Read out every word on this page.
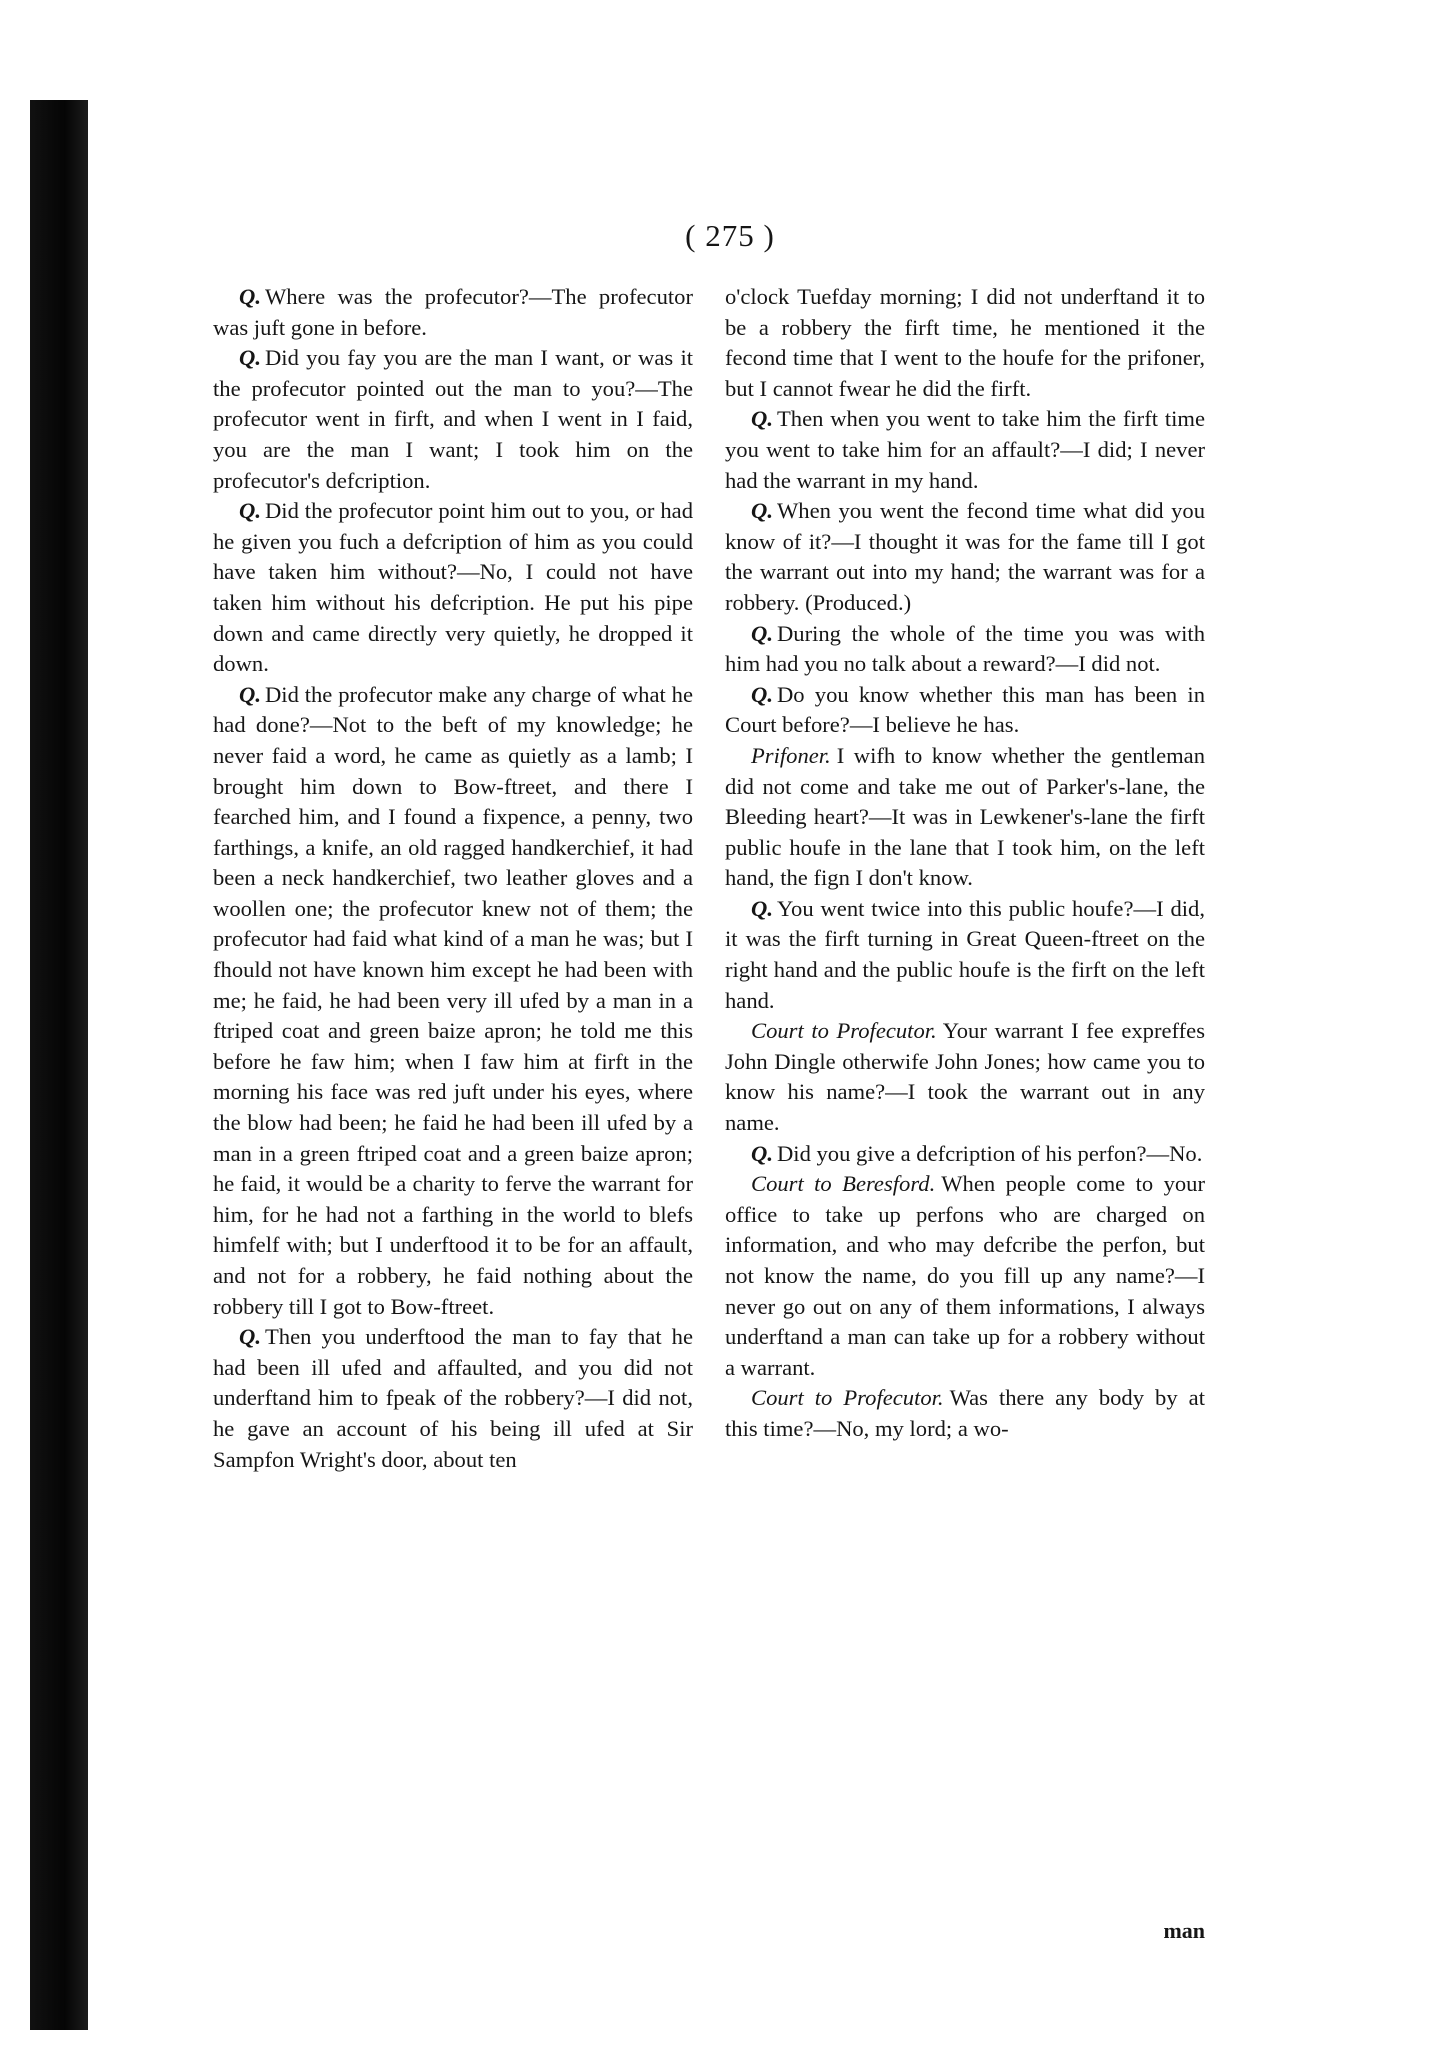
( 275 )

Q. Where was the profecutor?—The profecutor was juft gone in before.

Q. Did you fay you are the man I want, or was it the profecutor pointed out the man to you?—The profecutor went in firft, and when I went in I faid, you are the man I want; I took him on the profecutor's defcription.

Q. Did the profecutor point him out to you, or had he given you fuch a defcription of him as you could have taken him without?—No, I could not have taken him without his defcription. He put his pipe down and came directly very quietly, he dropped it down.

Q. Did the profecutor make any charge of what he had done?—Not to the beft of my knowledge; he never faid a word, he came as quietly as a lamb; I brought him down to Bow-ftreet, and there I fearched him, and I found a fixpence, a penny, two farthings, a knife, an old ragged handkerchief, it had been a neck handkerchief, two leather gloves and a woollen one; the profecutor knew not of them; the profecutor had faid what kind of a man he was; but I fhould not have known him except he had been with me; he faid, he had been very ill ufed by a man in a ftriped coat and green baize apron; he told me this before he faw him; when I faw him at firft in the morning his face was red juft under his eyes, where the blow had been; he faid he had been ill ufed by a man in a green ftriped coat and a green baize apron; he faid, it would be a charity to ferve the warrant for him, for he had not a farthing in the world to blefs himfelf with; but I underftood it to be for an affault, and not for a robbery, he faid nothing about the robbery till I got to Bow-ftreet.

Q. Then you underftood the man to fay that he had been ill ufed and affaulted, and you did not underftand him to fpeak of the robbery?—I did not, he gave an account of his being ill ufed at Sir Sampfon Wright's door, about ten

o'clock Tuefday morning; I did not underftand it to be a robbery the firft time, he mentioned it the fecond time that I went to the houfe for the prifoner, but I cannot fwear he did the firft.

Q. Then when you went to take him the firft time you went to take him for an affault?—I did; I never had the warrant in my hand.

Q. When you went the fecond time what did you know of it?—I thought it was for the fame till I got the warrant out into my hand; the warrant was for a robbery. (Produced.)

Q. During the whole of the time you was with him had you no talk about a reward?—I did not.

Q. Do you know whether this man has been in Court before?—I believe he has.

Prifoner. I wifh to know whether the gentleman did not come and take me out of Parker's-lane, the Bleeding heart?—It was in Lewkener's-lane the firft public houfe in the lane that I took him, on the left hand, the fign I don't know.

Q. You went twice into this public houfe?—I did, it was the firft turning in Great Queen-ftreet on the right hand and the public houfe is the firft on the left hand.

Court to Profecutor. Your warrant I fee expreffes John Dingle otherwife John Jones; how came you to know his name?—I took the warrant out in any name.

Q. Did you give a defcription of his perfon?—No.

Court to Beresford. When people come to your office to take up perfons who are charged on information, and who may defcribe the perfon, but not know the name, do you fill up any name?—I never go out on any of them informations, I always underftand a man can take up for a robbery without a warrant.

Court to Profecutor. Was there any body by at this time?—No, my lord; a wo-

man
